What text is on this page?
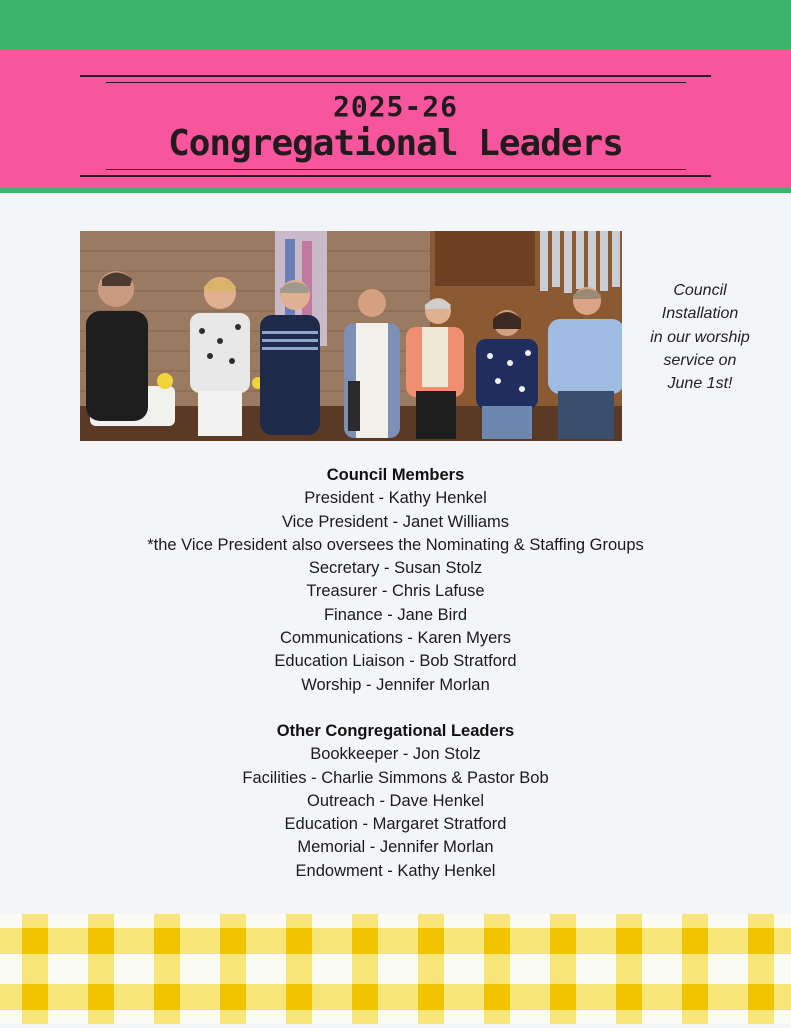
2025-26
Congregational Leaders
Council
Installation
in our worship
service on
June 1st!
Council Members
President - Kathy Henkel
Vice President - Janet Williams
*the Vice President also oversees the Nominating & Staffing Groups
Secretary - Susan Stolz
Treasurer - Chris Lafuse
Finance - Jane Bird
Communications - Karen Myers
Education Liaison - Bob Stratford
Worship - Jennifer Morlan
Other Congregational Leaders
Bookkeeper - Jon Stolz
Facilities - Charlie Simmons & Pastor Bob
Outreach - Dave Henkel
Education - Margaret Stratford
Memorial - Jennifer Morlan
Endowment - Kathy Henkel
